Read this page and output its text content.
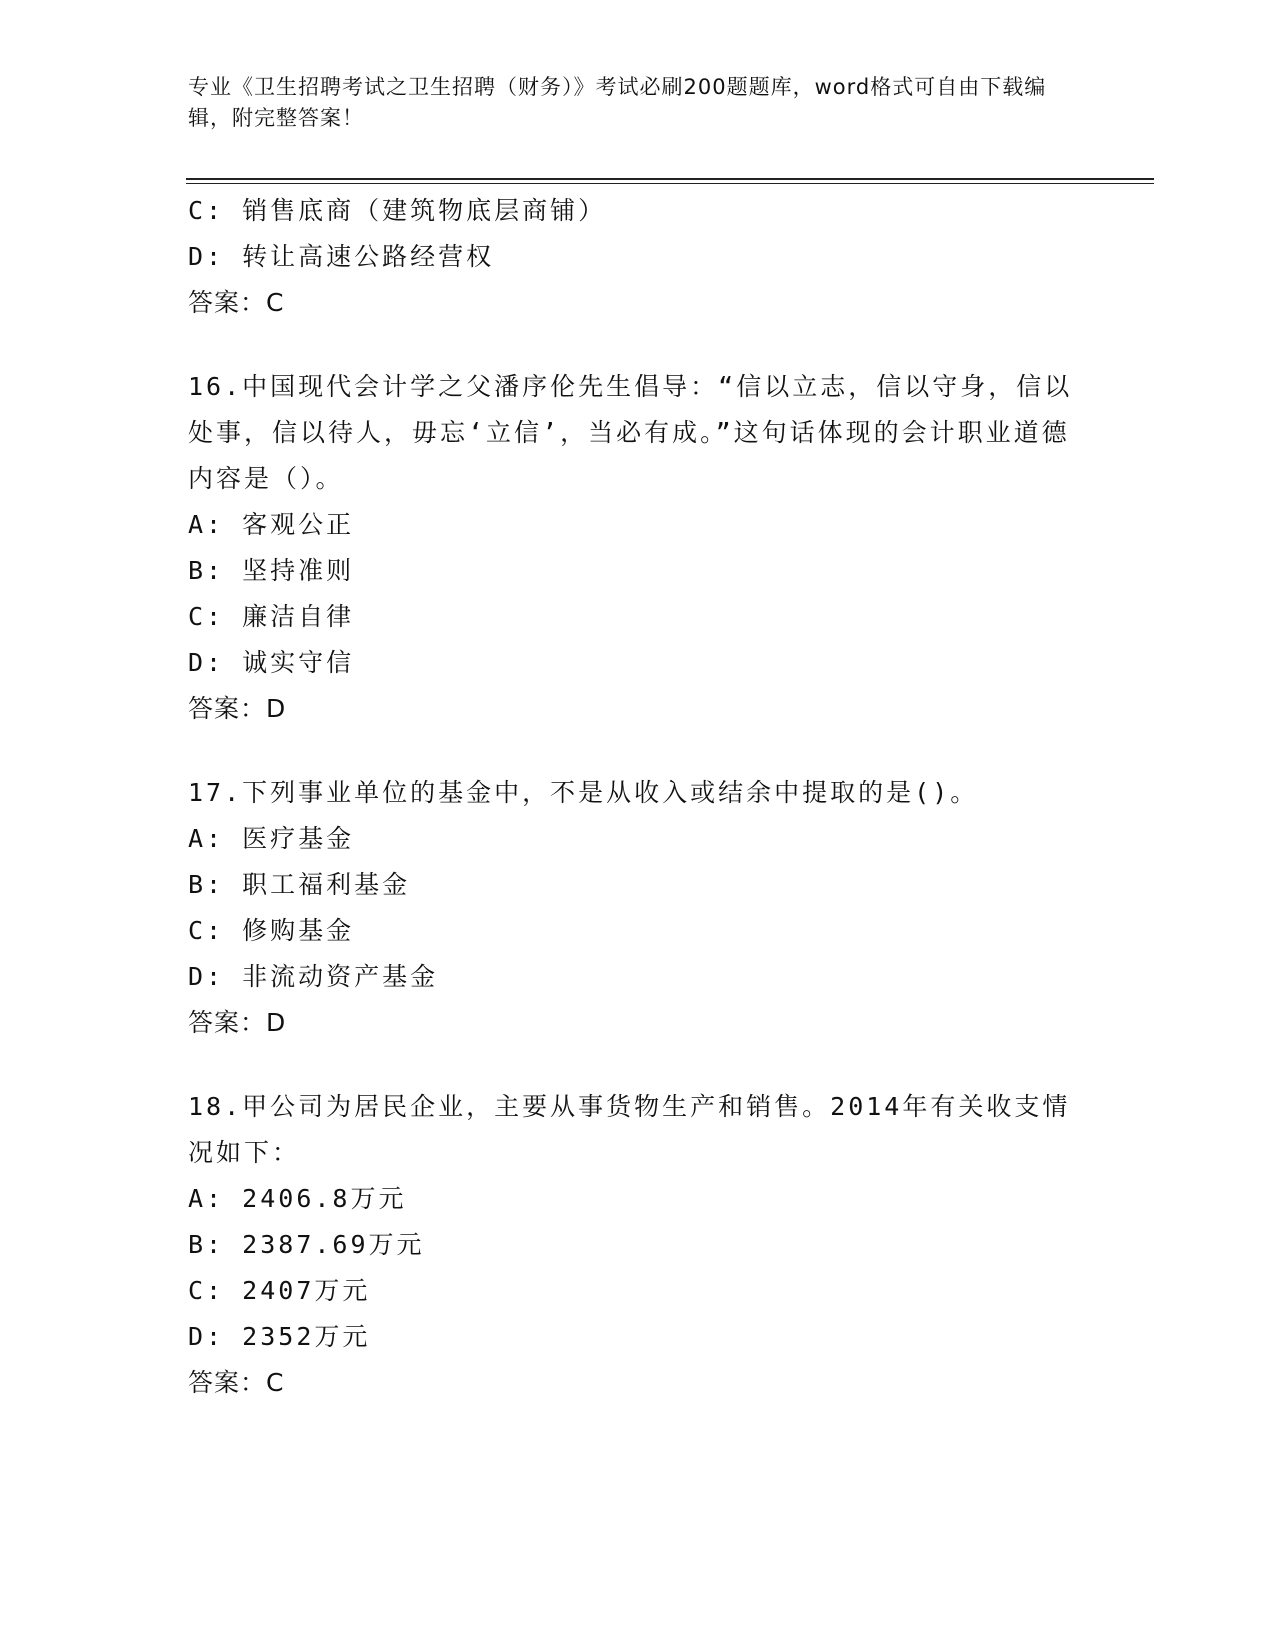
专业《卫生招聘考试之卫生招聘（财务）》考试必刷200题题库，word格式可自由下载编辑，附完整答案！
C: 销售底商（建筑物底层商铺）
D: 转让高速公路经营权
答案：C
16.中国现代会计学之父潘序伦先生倡导：“信以立志，信以守身，信以处事，信以待人，毋忘‘立信’，当必有成。”这句话体现的会计职业道德内容是（）。
A: 客观公正
B: 坚持准则
C: 廉洁自律
D: 诚实守信
答案：D
17.下列事业单位的基金中，不是从收入或结余中提取的是()。
A: 医疗基金
B: 职工福利基金
C: 修购基金
D: 非流动资产基金
答案：D
18.甲公司为居民企业，主要从事货物生产和销售。2014年有关收支情况如下：
A: 2406.8万元
B: 2387.69万元
C: 2407万元
D: 2352万元
答案：C
